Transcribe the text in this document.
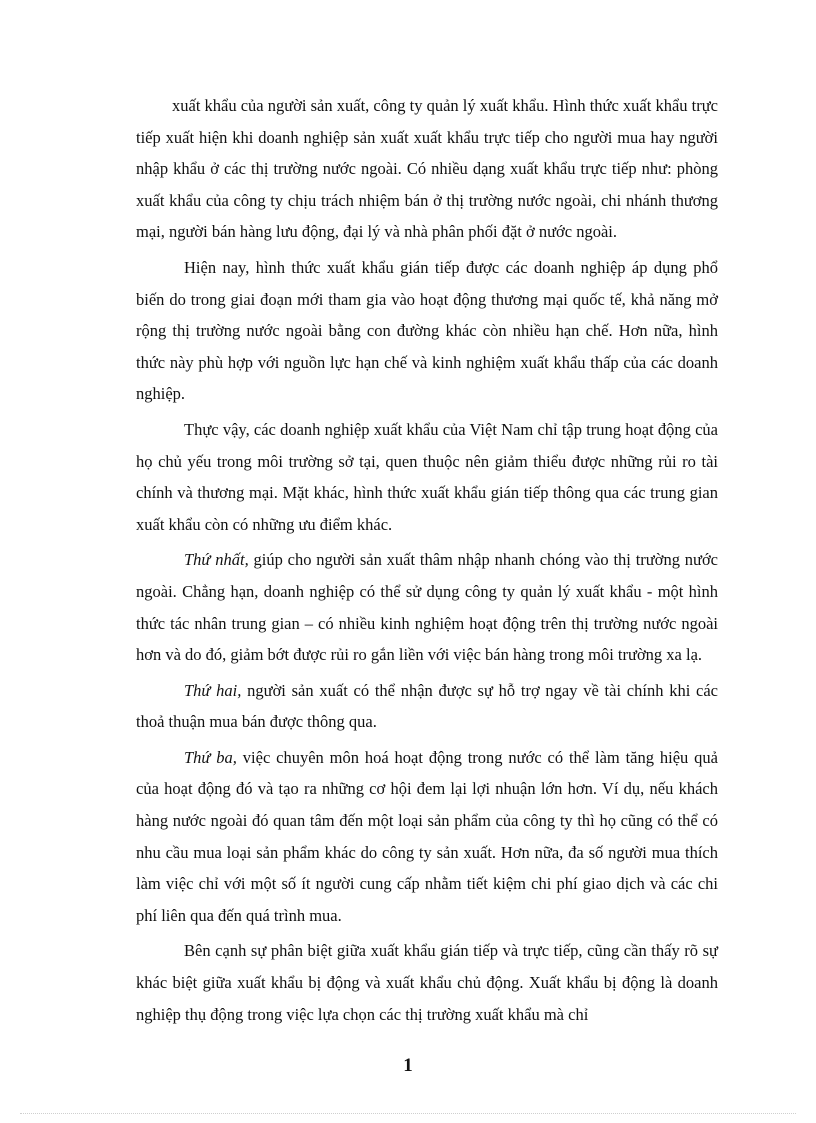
xuất khẩu của người sản xuất, công ty quản lý xuất khẩu. Hình thức xuất khẩu trực tiếp xuất hiện khi doanh nghiệp sản xuất xuất khẩu trực tiếp cho người mua hay người nhập khẩu ở các thị trường nước ngoài. Có nhiều dạng xuất khẩu trực tiếp như: phòng xuất khẩu của công ty chịu trách nhiệm bán ở thị trường nước ngoài, chi nhánh thương mại, người bán hàng lưu động, đại lý và nhà phân phối đặt ở nước ngoài.

Hiện nay, hình thức xuất khẩu gián tiếp được các doanh nghiệp áp dụng phổ biến do trong giai đoạn mới tham gia vào hoạt động thương mại quốc tế, khả năng mở rộng thị trường nước ngoài bằng con đường khác còn nhiều hạn chế. Hơn nữa, hình thức này phù hợp với nguồn lực hạn chế và kinh nghiệm xuất khẩu thấp của các doanh nghiệp.

Thực vậy, các doanh nghiệp xuất khẩu của Việt Nam chỉ tập trung hoạt động của họ chủ yếu trong môi trường sở tại, quen thuộc nên giảm thiểu được những rủi ro tài chính và thương mại. Mặt khác, hình thức xuất khẩu gián tiếp thông qua các trung gian xuất khẩu còn có những ưu điểm khác.

Thứ nhất, giúp cho người sản xuất thâm nhập nhanh chóng vào thị trường nước ngoài. Chẳng hạn, doanh nghiệp có thể sử dụng công ty quản lý xuất khẩu - một hình thức tác nhân trung gian – có nhiều kinh nghiệm hoạt động trên thị trường nước ngoài hơn và do đó, giảm bớt được rủi ro gắn liền với việc bán hàng trong môi trường xa lạ.

Thứ hai, người sản xuất có thể nhận được sự hỗ trợ ngay về tài chính khi các thoả thuận mua bán được thông qua.

Thứ ba, việc chuyên môn hoá hoạt động trong nước có thể làm tăng hiệu quả của hoạt động đó và tạo ra những cơ hội đem lại lợi nhuận lớn hơn. Ví dụ, nếu khách hàng nước ngoài đó quan tâm đến một loại sản phẩm của công ty thì họ cũng có thể có nhu cầu mua loại sản phẩm khác do công ty sản xuất. Hơn nữa, đa số người mua thích làm việc chỉ với một số ít người cung cấp nhằm tiết kiệm chi phí giao dịch và các chi phí liên qua đến quá trình mua.

Bên cạnh sự phân biệt giữa xuất khẩu gián tiếp và trực tiếp, cũng cần thấy rõ sự khác biệt giữa xuất khẩu bị động và xuất khẩu chủ động. Xuất khẩu bị động là doanh nghiệp thụ động trong việc lựa chọn các thị trường xuất khẩu mà chỉ

1
